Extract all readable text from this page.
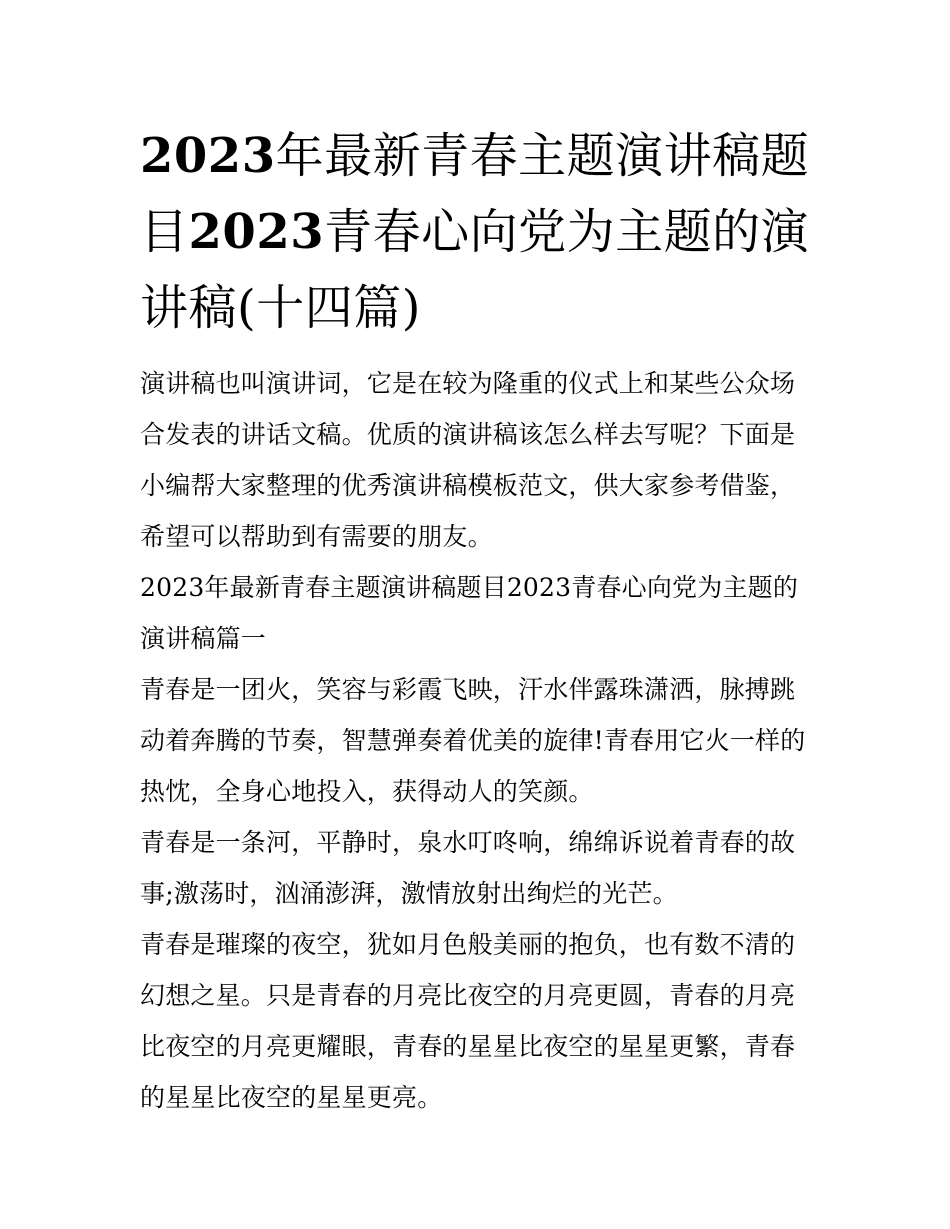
2023年最新青春主题演讲稿题目2023青春心向党为主题的演讲稿(十四篇)

演讲稿也叫演讲词，它是在较为隆重的仪式上和某些公众场合发表的讲话文稿。优质的演讲稿该怎么样去写呢？下面是小编帮大家整理的优秀演讲稿模板范文，供大家参考借鉴，希望可以帮助到有需要的朋友。

2023年最新青春主题演讲稿题目2023青春心向党为主题的演讲稿篇一

青春是一团火，笑容与彩霞飞映，汗水伴露珠潇洒，脉搏跳动着奔腾的节奏，智慧弹奏着优美的旋律!青春用它火一样的热忱，全身心地投入，获得动人的笑颜。

青春是一条河，平静时，泉水叮咚响，绵绵诉说着青春的故事;激荡时，汹涌澎湃，激情放射出绚烂的光芒。

青春是璀璨的夜空，犹如月色般美丽的抱负，也有数不清的幻想之星。只是青春的月亮比夜空的月亮更圆，青春的月亮比夜空的月亮更耀眼，青春的星星比夜空的星星更繁，青春的星星比夜空的星星更亮。
